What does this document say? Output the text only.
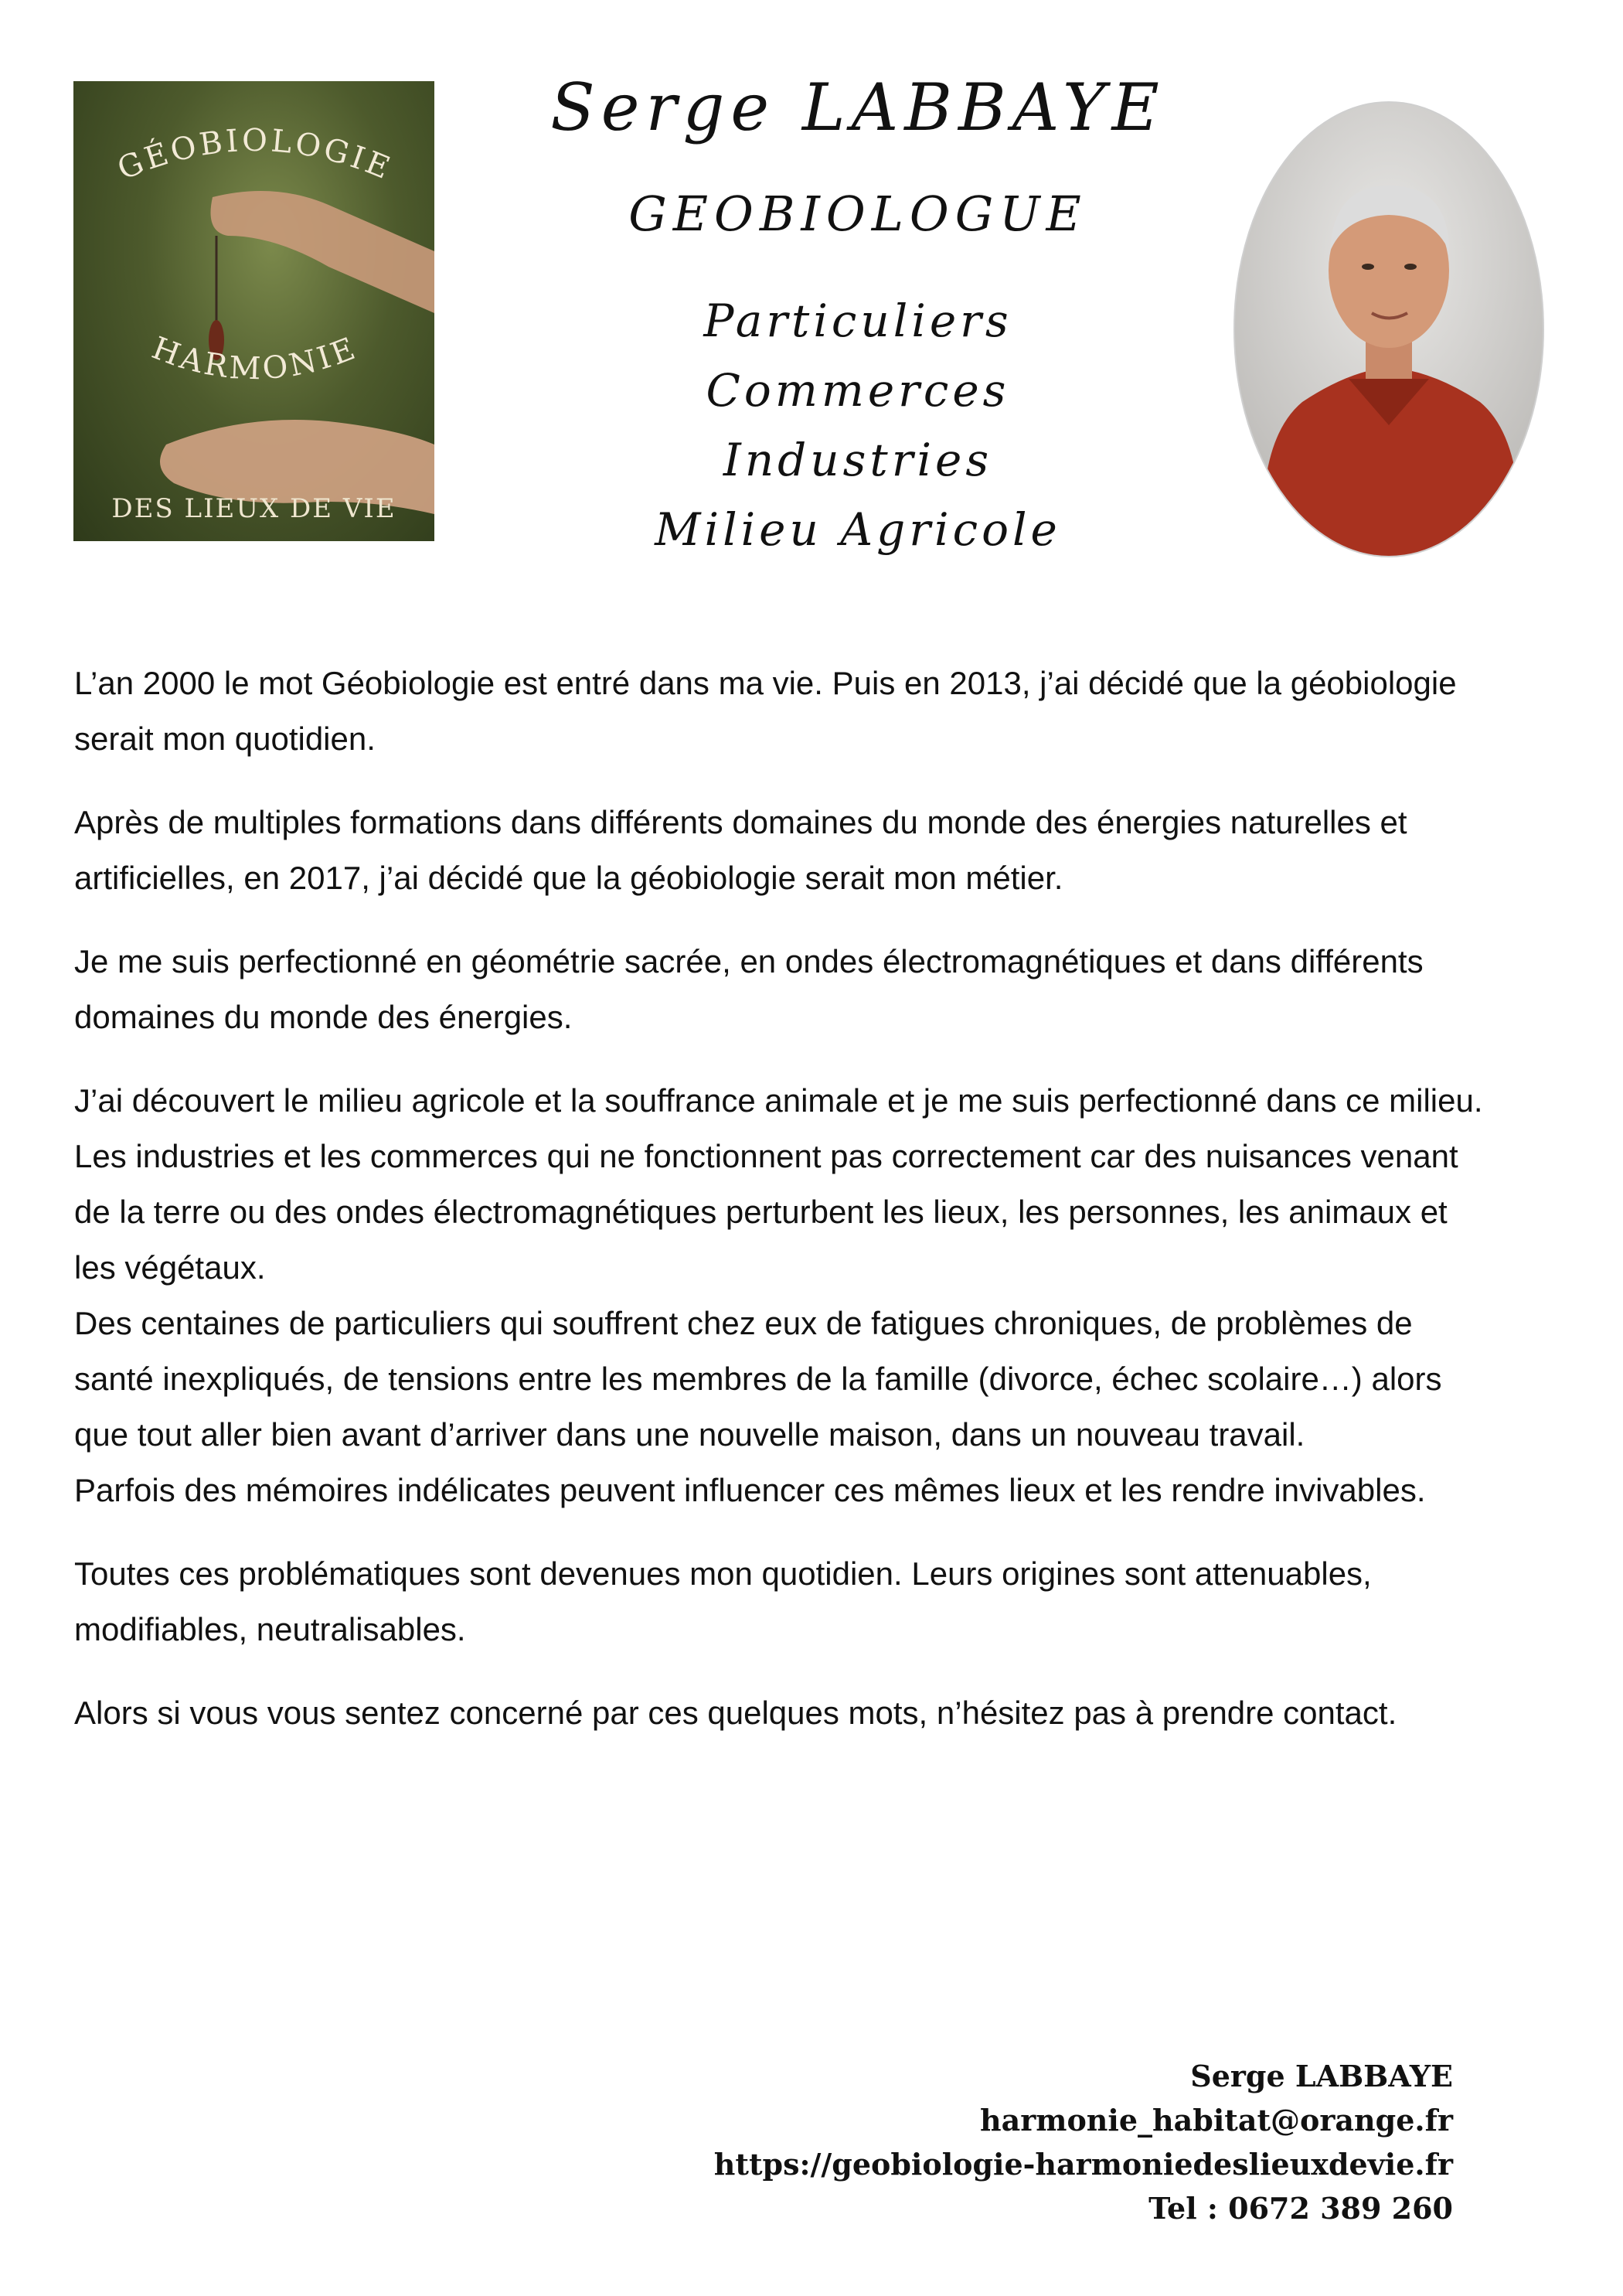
GÉOBIOLOGIE
HARMONIE
DES LIEUX DE VIE
Serge LABBAYE
GEOBIOLOGUE
Particuliers
Commerces
Industries
Milieu Agricole

L’an 2000 le mot Géobiologie est entré dans ma vie. Puis en 2013, j’ai décidé que la géobiologie serait mon quotidien.

Après de multiples formations dans différents domaines du monde des énergies naturelles et artificielles, en 2017, j’ai décidé que la géobiologie serait mon métier.

Je me suis perfectionné en géométrie sacrée, en ondes électromagnétiques et dans différents domaines du monde des énergies.

J’ai découvert le milieu agricole et la souffrance animale et je me suis perfectionné dans ce milieu. Les industries et les commerces qui ne fonctionnent pas correctement car des nuisances venant de la terre ou des ondes électromagnétiques perturbent les lieux, les personnes, les animaux et les végétaux.
Des centaines de particuliers qui souffrent chez eux de fatigues chroniques, de problèmes de santé inexpliqués, de tensions entre les membres de la famille (divorce, échec scolaire…) alors que tout aller bien avant d’arriver dans une nouvelle maison, dans un nouveau travail.
Parfois des mémoires indélicates peuvent influencer ces mêmes lieux et les rendre invivables.

Toutes ces problématiques sont devenues mon quotidien. Leurs origines sont attenuables, modifiables, neutralisables.

Alors si vous vous sentez concerné par ces quelques mots, n’hésitez pas à prendre contact.

Serge LABBAYE
harmonie_habitat@orange.fr
https://geobiologie-harmoniedeslieuxdevie.fr
Tel : 0672 389 260
